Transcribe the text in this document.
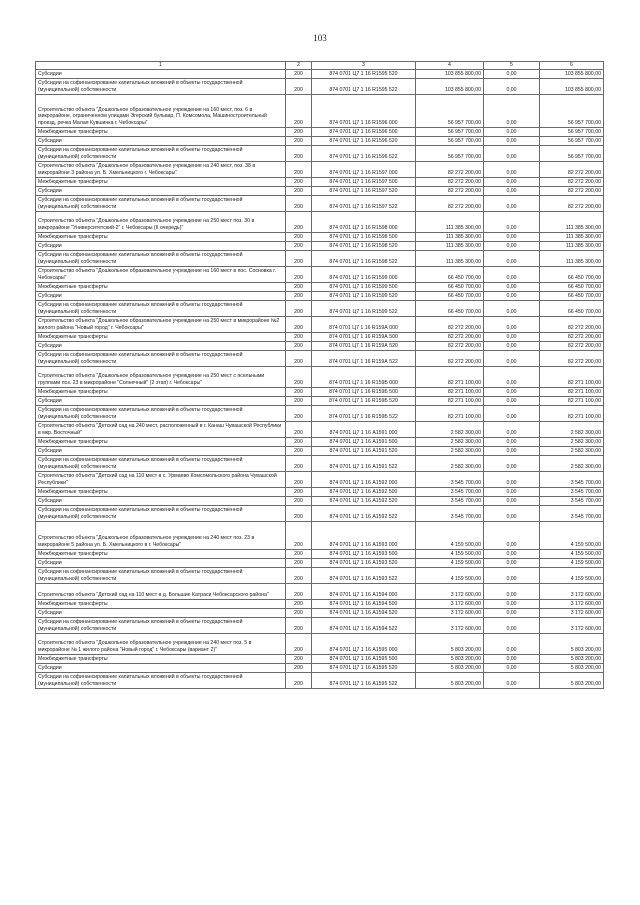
103
1	2	3	4	5	6
Субсидии	200	874 0701 Ц7 1 16 R1595 520	103 855 800,00	0,00	103 855 800,00
Субсидии на софинансирование капитальных вложений в объекты государственной (муниципальной) собственности	200	874 0701 Ц7 1 16 R1595 522	103 855 800,00	0,00	103 855 800,00
Строительство объекта "Дошкольное образовательное учреждение на 160 мест, поз. 6 в микрорайоне, ограниченном улицами Эгерский бульвар, П. Комсомола, Машиностроительный проезд, речка Малая Кувшинка г. Чебоксары"	200	874 0701 Ц7 1 16 R1596 000	56 957 700,00	0,00	56 957 700,00
Межбюджетные трансферты	200	874 0701 Ц7 1 16 R1596 500	56 957 700,00	0,00	56 957 700,00
Субсидии	200	874 0701 Ц7 1 16 R1596 520	56 957 700,00	0,00	56 957 700,00
Субсидии на софинансирование капитальных вложений в объекты государственной (муниципальной) собственности	200	874 0701 Ц7 1 16 R1596 522	56 957 700,00	0,00	56 957 700,00
Строительство объекта "Дошкольное образовательное учреждение на 240 мест, поз. 38 в микрорайоне 3 района ул. Б. Хмельницкого г. Чебоксары"	200	874 0701 Ц7 1 16 R1597 000	82 272 200,00	0,00	82 272 200,00
Межбюджетные трансферты	200	874 0701 Ц7 1 16 R1597 500	82 272 200,00	0,00	82 272 200,00
Субсидии	200	874 0701 Ц7 1 16 R1597 520	82 272 200,00	0,00	82 272 200,00
Субсидии на софинансирование капитальных вложений в объекты государственной (муниципальной) собственности	200	874 0701 Ц7 1 16 R1597 522	82 272 200,00	0,00	82 272 200,00
Строительство объекта "Дошкольное образовательное учреждение на 250 мест поз. 30 в микрорайоне "Университетский-2" г. Чебоксары (II очередь)"	200	874 0701 Ц7 1 16 R1598 000	111 385 300,00	0,00	111 385 300,00
Межбюджетные трансферты	200	874 0701 Ц7 1 16 R1598 500	111 385 300,00	0,00	111 385 300,00
Субсидии	200	874 0701 Ц7 1 16 R1598 520	111 385 300,00	0,00	111 385 300,00
Субсидии на софинансирование капитальных вложений в объекты государственной (муниципальной) собственности	200	874 0701 Ц7 1 16 R1598 522	111 385 300,00	0,00	111 385 300,00
Строительство объекта "Дошкольное образовательное учреждение на 160 мест в пос. Сосновка г. Чебоксары"	200	874 0701 Ц7 1 16 R1599 000	66 450 700,00	0,00	66 450 700,00
Межбюджетные трансферты	200	874 0701 Ц7 1 16 R1599 500	66 450 700,00	0,00	66 450 700,00
Субсидии	200	874 0701 Ц7 1 16 R1599 520	66 450 700,00	0,00	66 450 700,00
Субсидии на софинансирование капитальных вложений в объекты государственной (муниципальной) собственности	200	874 0701 Ц7 1 16 R1599 522	66 450 700,00	0,00	66 450 700,00
Строительство объекта "Дошкольное образовательное учреждение на 250 мест в микрорайоне №2 жилого района "Новый город" г. Чебоксары"	200	874 0701 Ц7 1 16 R159А 000	82 272 200,00	0,00	82 272 200,00
Межбюджетные трансферты	200	874 0701 Ц7 1 16 R159А 500	82 272 200,00	0,00	82 272 200,00
Субсидии	200	874 0701 Ц7 1 16 R159А 520	82 272 200,00	0,00	82 272 200,00
Субсидии на софинансирование капитальных вложений в объекты государственной (муниципальной) собственности	200	874 0701 Ц7 1 16 R159А 522	82 272 200,00	0,00	82 272 200,00
Строительство объекта "Дошкольное образовательное учреждение на 250 мест с ясельными группами поз. 23 в микрорайоне "Солнечный" (2 этап) г. Чебоксары"	200	874 0701 Ц7 1 16 R159Б 000	82 271 100,00	0,00	82 271 100,00
Межбюджетные трансферты	200	874 0701 Ц7 1 16 R159Б 500	82 271 100,00	0,00	82 271 100,00
Субсидии	200	874 0701 Ц7 1 16 R159Б 520	82 271 100,00	0,00	82 271 100,00
Субсидии на софинансирование капитальных вложений в объекты государственной (муниципальной) собственности	200	874 0701 Ц7 1 16 R159Б 522	82 271 100,00	0,00	82 271 100,00
Строительство объекта "Детский сад на 240 мест, расположенный в г. Канаш Чувашской Республики в мкр. Восточный"	200	874 0701 Ц7 1 16 А1591 000	2 582 300,00	0,00	2 582 300,00
Межбюджетные трансферты	200	874 0701 Ц7 1 16 А1591 500	2 582 300,00	0,00	2 582 300,00
Субсидии	200	874 0701 Ц7 1 16 А1591 520	2 582 300,00	0,00	2 582 300,00
Субсидии на софинансирование капитальных вложений в объекты государственной (муниципальной) собственности	200	874 0701 Ц7 1 16 А1591 522	2 582 300,00	0,00	2 582 300,00
Строительство объекта "Детский сад на 110 мест в с. Урмаево Комсомольского района Чувашской Республики"	200	874 0701 Ц7 1 16 А1592 000	3 545 700,00	0,00	3 545 700,00
Межбюджетные трансферты	200	874 0701 Ц7 1 16 А1592 500	3 545 700,00	0,00	3 545 700,00
Субсидии	200	874 0701 Ц7 1 16 А1592 520	3 545 700,00	0,00	3 545 700,00
Субсидии на софинансирование капитальных вложений в объекты государственной (муниципальной) собственности	200	874 0701 Ц7 1 16 А1592 522	3 545 700,00	0,00	3 545 700,00
Строительство объекта "Дошкольное образовательное учреждение на 240 мест поз. 23 в микрорайоне 5 района ул. Б. Хмельницкого в г. Чебоксары"	200	874 0701 Ц7 1 16 А1593 000	4 159 500,00	0,00	4 159 500,00
Межбюджетные трансферты	200	874 0701 Ц7 1 16 А1593 500	4 159 500,00	0,00	4 159 500,00
Субсидии	200	874 0701 Ц7 1 16 А1593 520	4 159 500,00	0,00	4 159 500,00
Субсидии на софинансирование капитальных вложений в объекты государственной (муниципальной) собственности	200	874 0701 Ц7 1 16 А1593 522	4 159 500,00	0,00	4 159 500,00
Строительство объекта "Детский сад на 110 мест в д. Большие Катраси Чебоксарского района"	200	874 0701 Ц7 1 16 А1594 000	3 172 600,00	0,00	3 172 600,00
Межбюджетные трансферты	200	874 0701 Ц7 1 16 А1594 500	3 172 600,00	0,00	3 172 600,00
Субсидии	200	874 0701 Ц7 1 16 А1594 520	3 172 600,00	0,00	3 172 600,00
Субсидии на софинансирование капитальных вложений в объекты государственной (муниципальной) собственности	200	874 0701 Ц7 1 16 А1594 522	3 172 600,00	0,00	3 172 600,00
Строительство объекта "Дошкольное образовательное учреждение на 240 мест поз. 5 в микрорайоне № 1 жилого района "Новый город" г. Чебоксары (вариант 2)"	200	874 0701 Ц7 1 16 А1595 000	5 803 200,00	0,00	5 803 200,00
Межбюджетные трансферты	200	874 0701 Ц7 1 16 А1595 500	5 803 200,00	0,00	5 803 200,00
Субсидии	200	874 0701 Ц7 1 16 А1595 520	5 803 200,00	0,00	5 803 200,00
Субсидии на софинансирование капитальных вложений в объекты государственной (муниципальной) собственности	200	874 0701 Ц7 1 16 А1595 522	5 803 200,00	0,00	5 803 200,00
